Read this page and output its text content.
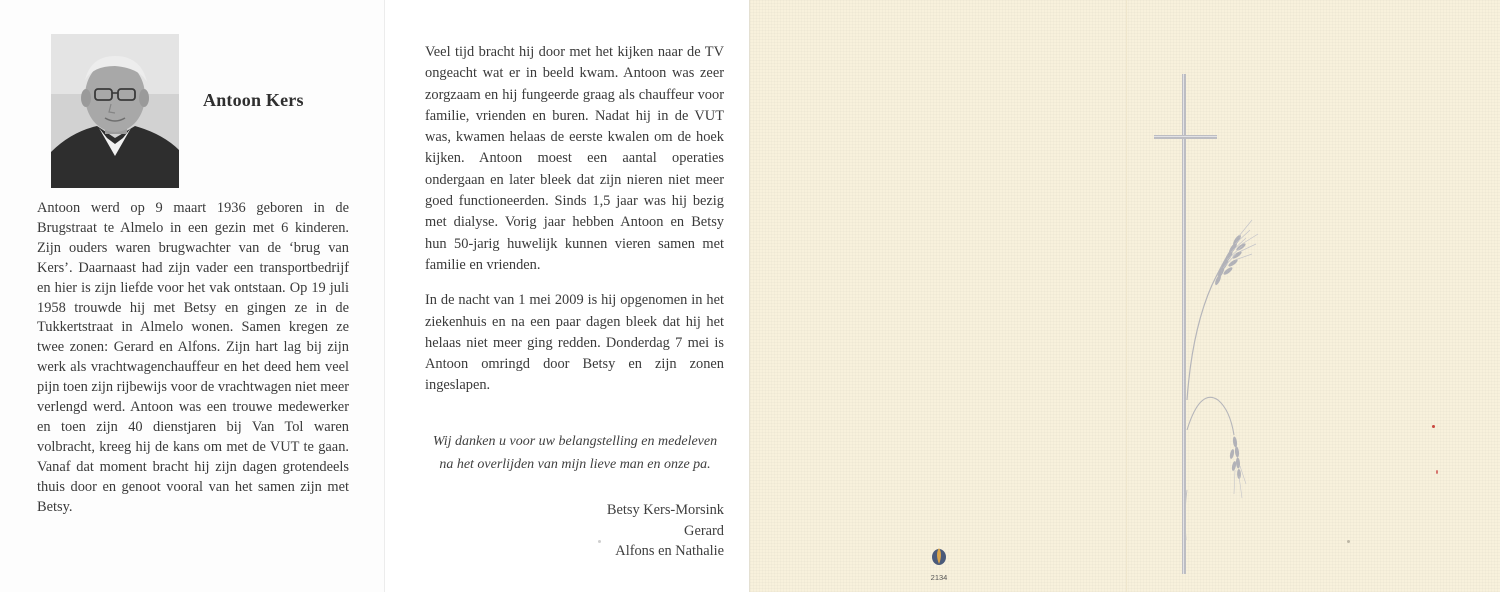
Antoon Kers

Antoon werd op 9 maart 1936 geboren in de Brugstraat te Almelo in een gezin met 6 kinderen. Zijn ouders waren brugwachter van de ‘brug van Kers’. Daarnaast had zijn vader een transportbedrijf en hier is zijn liefde voor het vak ontstaan. Op 19 juli 1958 trouwde hij met Betsy en gingen ze in de Tukkertstraat in Almelo wonen. Samen kregen ze twee zonen: Gerard en Alfons. Zijn hart lag bij zijn werk als vrachtwagenchauffeur en het deed hem veel pijn toen zijn rijbewijs voor de vrachtwagen niet meer verlengd werd. Antoon was een trouwe medewerker en toen zijn 40 dienstjaren bij Van Tol waren volbracht, kreeg hij de kans om met de VUT te gaan. Vanaf dat moment bracht hij zijn dagen grotendeels thuis door en genoot vooral van het samen zijn met Betsy.

Veel tijd bracht hij door met het kijken naar de TV ongeacht wat er in beeld kwam. Antoon was zeer zorgzaam en hij fungeerde graag als chauffeur voor familie, vrienden en buren. Nadat hij in de VUT was, kwamen helaas de eerste kwalen om de hoek kijken. Antoon moest een aantal operaties ondergaan en later bleek dat zijn nieren niet meer goed functioneerden. Sinds 1,5 jaar was hij bezig met dialyse. Vorig jaar hebben Antoon en Betsy hun 50-jarig huwelijk kunnen vieren samen met familie en vrienden.

In de nacht van 1 mei 2009 is hij opgenomen in het ziekenhuis en na een paar dagen bleek dat hij het helaas niet meer ging redden. Donderdag 7 mei is Antoon omringd door Betsy en zijn zonen ingeslapen.

Wij danken u voor uw belangstelling en medeleven
na het overlijden van mijn lieve man en onze pa.
Betsy Kers-Morsink
Gerard
Alfons en Nathalie
2134
